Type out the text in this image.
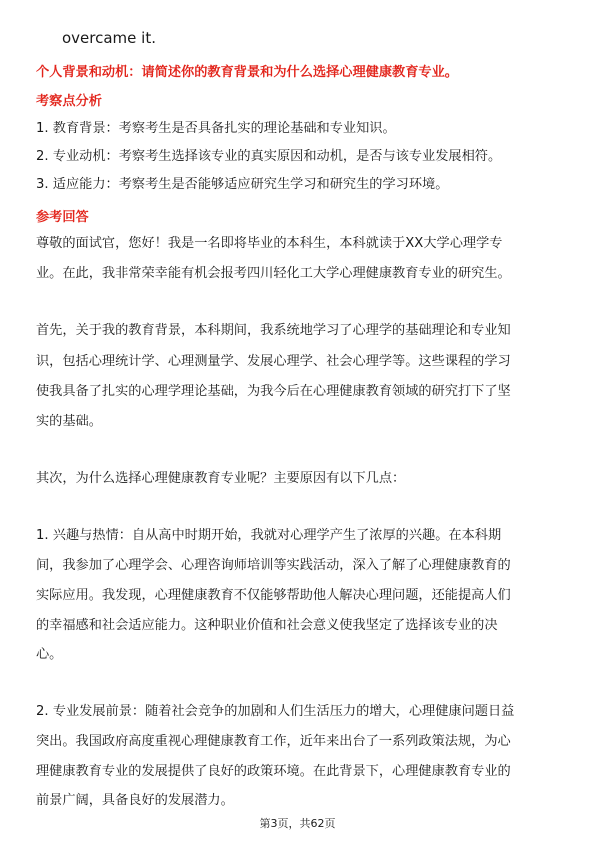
overcame it.
个人背景和动机：请简述你的教育背景和为什么选择心理健康教育专业。
考察点分析
1. 教育背景：考察考生是否具备扎实的理论基础和专业知识。
2. 专业动机：考察考生选择该专业的真实原因和动机，是否与该专业发展相符。
3. 适应能力：考察考生是否能够适应研究生学习和研究生的学习环境。
参考回答
尊敬的面试官，您好！我是一名即将毕业的本科生，本科就读于XX大学心理学专
业。在此，我非常荣幸能有机会报考四川轻化工大学心理健康教育专业的研究生。
首先，关于我的教育背景，本科期间，我系统地学习了心理学的基础理论和专业知
识，包括心理统计学、心理测量学、发展心理学、社会心理学等。这些课程的学习
使我具备了扎实的心理学理论基础，为我今后在心理健康教育领域的研究打下了坚
实的基础。
其次，为什么选择心理健康教育专业呢？主要原因有以下几点：
1. 兴趣与热情：自从高中时期开始，我就对心理学产生了浓厚的兴趣。在本科期
间，我参加了心理学会、心理咨询师培训等实践活动，深入了解了心理健康教育的
实际应用。我发现，心理健康教育不仅能够帮助他人解决心理问题，还能提高人们
的幸福感和社会适应能力。这种职业价值和社会意义使我坚定了选择该专业的决
心。
2. 专业发展前景：随着社会竞争的加剧和人们生活压力的增大，心理健康问题日益
突出。我国政府高度重视心理健康教育工作，近年来出台了一系列政策法规，为心
理健康教育专业的发展提供了良好的政策环境。在此背景下，心理健康教育专业的
前景广阔，具备良好的发展潜力。
第3页，共62页
